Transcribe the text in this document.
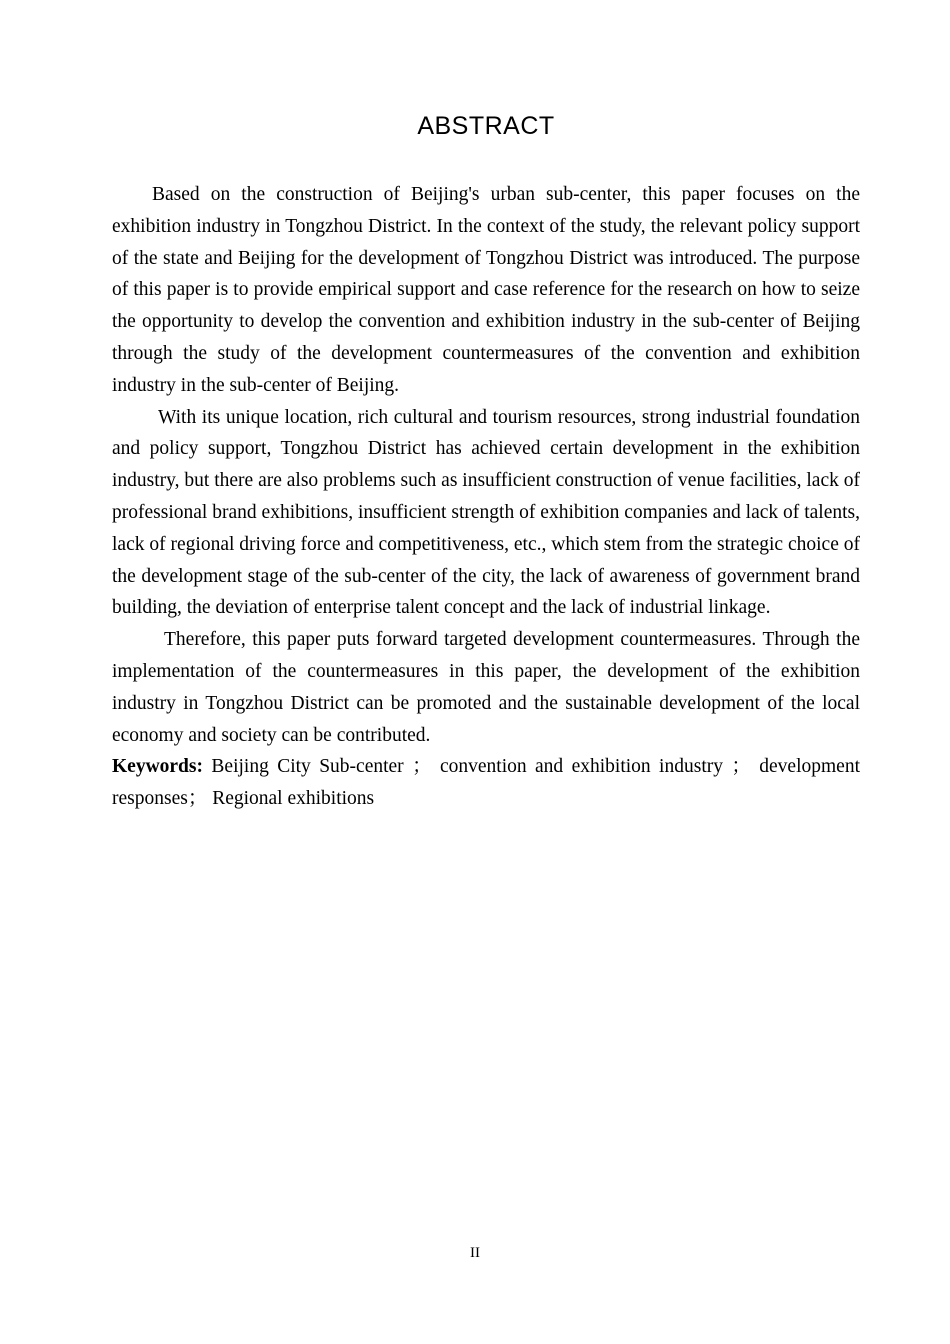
ABSTRACT

Based on the construction of Beijing's urban sub-center, this paper focuses on the exhibition industry in Tongzhou District. In the context of the study, the relevant policy support of the state and Beijing for the development of Tongzhou District was introduced. The purpose of this paper is to provide empirical support and case reference for the research on how to seize the opportunity to develop the convention and exhibition industry in the sub-center of Beijing through the study of the development countermeasures of the convention and exhibition industry in the sub-center of Beijing.

With its unique location, rich cultural and tourism resources, strong industrial foundation and policy support, Tongzhou District has achieved certain development in the exhibition industry, but there are also problems such as insufficient construction of venue facilities, lack of professional brand exhibitions, insufficient strength of exhibition companies and lack of talents, lack of regional driving force and competitiveness, etc., which stem from the strategic choice of the development stage of the sub-center of the city, the lack of awareness of government brand building, the deviation of enterprise talent concept and the lack of industrial linkage.

Therefore, this paper puts forward targeted development countermeasures. Through the implementation of the countermeasures in this paper, the development of the exhibition industry in Tongzhou District can be promoted and the sustainable development of the local economy and society can be contributed.

Keywords: Beijing City Sub-center ； convention and exhibition industry ； development responses； Regional exhibitions

II
